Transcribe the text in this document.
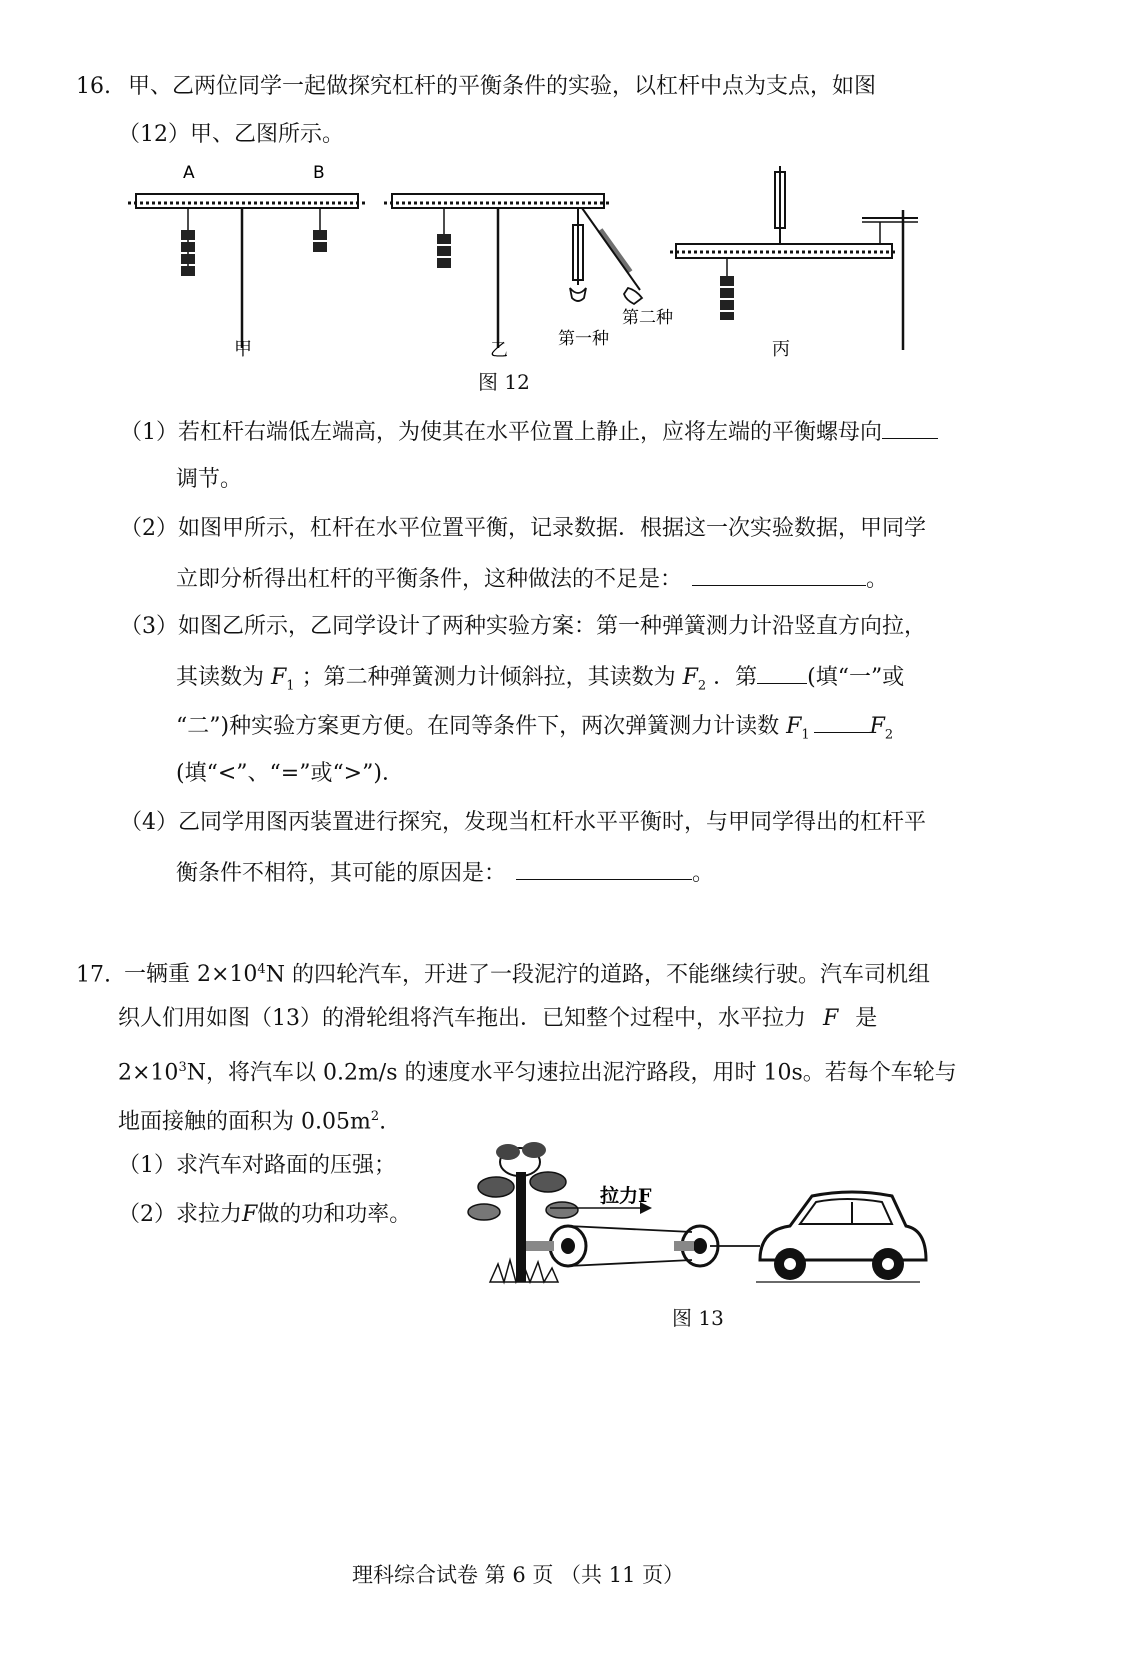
16. 甲、乙两位同学一起做探究杠杆的平衡条件的实验，以杠杆中点为支点，如图
（12）甲、乙图所示。
A	B
甲	乙
第一种
第二种
丙
图 12
（1）若杠杆右端低左端高，为使其在水平位置上静止，应将左端的平衡螺母向
调节。
（2）如图甲所示，杠杆在水平位置平衡，记录数据．根据这一次实验数据，甲同学
立即分析得出杠杆的平衡条件，这种做法的不足是：	。
（3）如图乙所示，乙同学设计了两种实验方案：第一种弹簧测力计沿竖直方向拉，
其读数为 $F_1$ ；第二种弹簧测力计倾斜拉，其读数为 $F_2$ ．第 (填“一”或
“二”)种实验方案更方便。在同等条件下，两次弹簧测力计读数 $F_1$	$F_2$
(填“<”、“=”或“>”)．
（4）乙同学用图丙装置进行探究，发现当杠杆水平平衡时，与甲同学得出的杠杆平
衡条件不相符，其可能的原因是：	。
17. 一辆重 $2\times 10^4N$ 的四轮汽车，开进了一段泥泞的道路，不能继续行驶。汽车司机组
织人们用如图（13）的滑轮组将汽车拖出．已知整个过程中，水平拉力 F 是
$2\times 10^3N$，将汽车以 0.2m/s 的速度水平匀速拉出泥泞路段，用时 10s。若每个车轮与
地面接触的面积为 $0.05m^2$.
（1）求汽车对路面的压强；
（2）求拉力F做的功和功率。
拉力F
图 13
理科综合试卷 第 6 页 （共 11 页）
